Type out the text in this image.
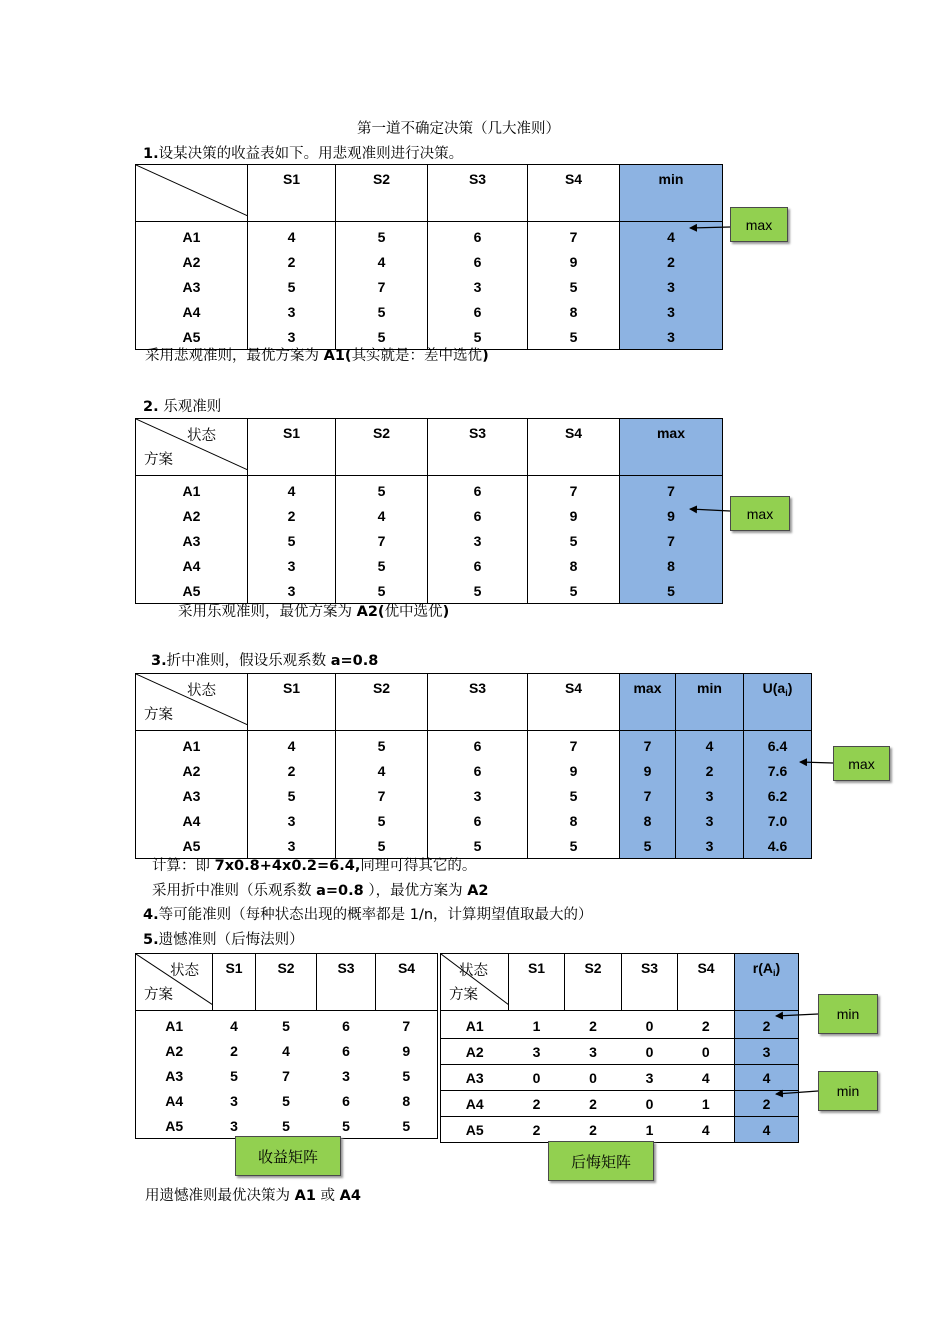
第一道不确定决策（几大准则）
1.设某决策的收益表如下。用悲观准则进行决策。
	S1	S2	S3	S4	min
A1	4	5	6	7	4
A2	2	4	6	9	2
A3	5	7	3	5	3
A4	3	5	6	8	3
A5	3	5	5	5	3
max
采用悲观准则，最优方案为 A1(其实就是：差中选优)
2. 乐观准则
状态
方案	S1	S2	S3	S4	max
A1	4	5	6	7	7
A2	2	4	6	9	9
A3	5	7	3	5	7
A4	3	5	6	8	8
A5	3	5	5	5	5
max
采用乐观准则，最优方案为 A2(优中选优)
3.折中准则，假设乐观系数 a=0.8
状态
方案	S1	S2	S3	S4	max	min	$U(a_i)$
A1	4	5	6	7	7	4	6.4
A2	2	4	6	9	9	2	7.6
A3	5	7	3	5	7	3	6.2
A4	3	5	6	8	8	3	7.0
A5	3	5	5	5	5	3	4.6
max
计算：即 7x0.8+4x0.2=6.4,同理可得其它的。
采用折中准则（乐观系数 a=0.8 ），最优方案为 A2
4.等可能准则（每种状态出现的概率都是 1/n，计算期望值取最大的）
5.遗憾准则（后悔法则）
状态
方案	S1	S2	S3	S4
A1	4	5	6	7
A2	2	4	6	9
A3	5	7	3	5
A4	3	5	6	8
A5	3	5	5	5
状态
方案	S1	S2	S3	S4	$r(A_i)$
A1	1	2	0	2	2
A2	3	3	0	0	3
A3	0	0	3	4	4
A4	2	2	0	1	2
A5	2	2	1	4	4
min
min
收益矩阵	后悔矩阵
用遗憾准则最优决策为 A1 或 A4
